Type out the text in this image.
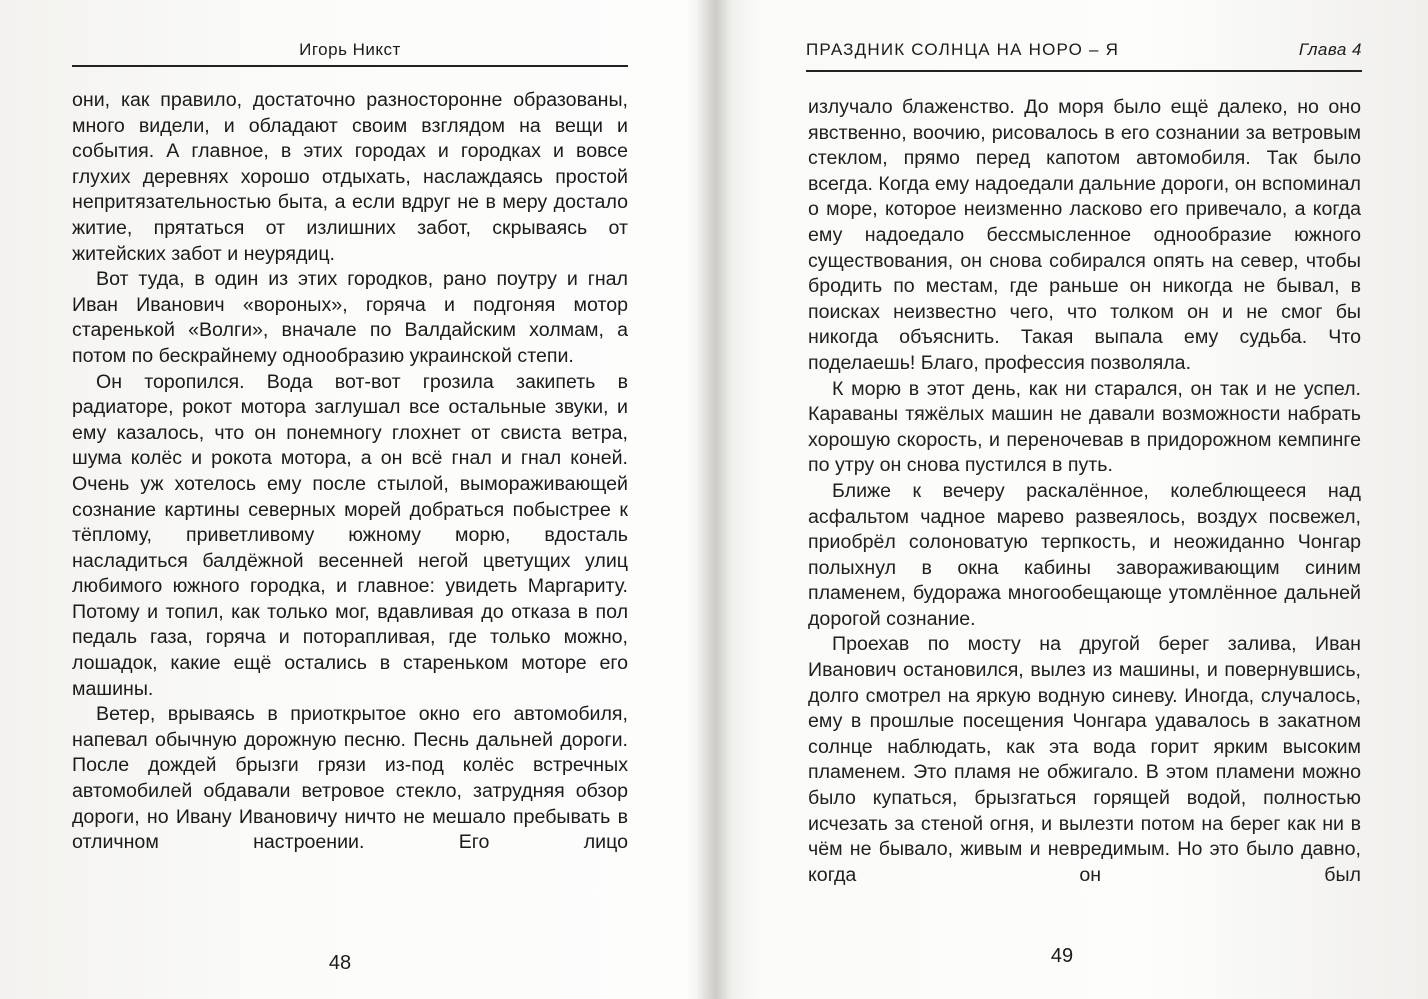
Игорь Никст

они, как правило, достаточно разносторонне образованы, много видели, и обладают своим взглядом на вещи и события. А главное, в этих городах и городках и вовсе глухих деревнях хорошо отдыхать, наслаждаясь простой непритязательностью быта, а если вдруг не в меру достало житие, прятаться от излишних забот, скрываясь от житейских забот и неурядиц.

Вот туда, в один из этих городков, рано поутру и гнал Иван Иванович «вороных», горяча и подгоняя мотор старенькой «Волги», вначале по Валдайским холмам, а потом по бескрайнему однообразию украинской степи.

Он торопился. Вода вот-вот грозила закипеть в радиаторе, рокот мотора заглушал все остальные звуки, и ему казалось, что он понемногу глохнет от свиста ветра, шума колёс и рокота мотора, а он всё гнал и гнал коней. Очень уж хотелось ему после стылой, вымораживающей сознание картины северных морей добраться побыстрее к тёплому, приветливому южному морю, вдосталь насладиться балдёжной весенней негой цветущих улиц любимого южного городка, и главное: увидеть Маргариту. Потому и топил, как только мог, вдавливая до отказа в пол педаль газа, горяча и поторапливая, где только можно, лошадок, какие ещё остались в стареньком моторе его машины.

Ветер, врываясь в приоткрытое окно его автомобиля, напевал обычную дорожную песню. Песнь дальней дороги. После дождей брызги грязи из-под колёс встречных автомобилей обдавали ветровое стекло, затрудняя обзор дороги, но Ивану Ивановичу ничто не мешало пребывать в отличном настроении. Его лицо

48
ПРАЗДНИК СОЛНЦА НА НОРО – Я	Глава 4

излучало блаженство. До моря было ещё далеко, но оно явственно, воочию, рисовалось в его сознании за ветровым стеклом, прямо перед капотом автомобиля. Так было всегда. Когда ему надоедали дальние дороги, он вспоминал о море, которое неизменно ласково его привечало, а когда ему надоедало бессмысленное однообразие южного существования, он снова собирался опять на север, чтобы бродить по местам, где раньше он никогда не бывал, в поисках неизвестно чего, что толком он и не смог бы никогда объяснить. Такая выпала ему судьба. Что поделаешь! Благо, профессия позволяла.

К морю в этот день, как ни старался, он так и не успел. Караваны тяжёлых машин не давали возможности набрать хорошую скорость, и переночевав в придорожном кемпинге по утру он снова пустился в путь.

Ближе к вечеру раскалённое, колеблющееся над асфальтом чадное марево развеялось, воздух посвежел, приобрёл солоноватую терпкость, и неожиданно Чонгар полыхнул в окна кабины завораживающим синим пламенем, будоража многообещающе утомлённое дальней дорогой сознание.

Проехав по мосту на другой берег залива, Иван Иванович остановился, вылез из машины, и повернувшись, долго смотрел на яркую водную синеву. Иногда, случалось, ему в прошлые посещения Чонгара удавалось в закатном солнце наблюдать, как эта вода горит ярким высоким пламенем. Это пламя не обжигало. В этом пламени можно было купаться, брызгаться горящей водой, полностью исчезать за стеной огня, и вылезти потом на берег как ни в чём не бывало, живым и невредимым. Но это было давно, когда он был

49
